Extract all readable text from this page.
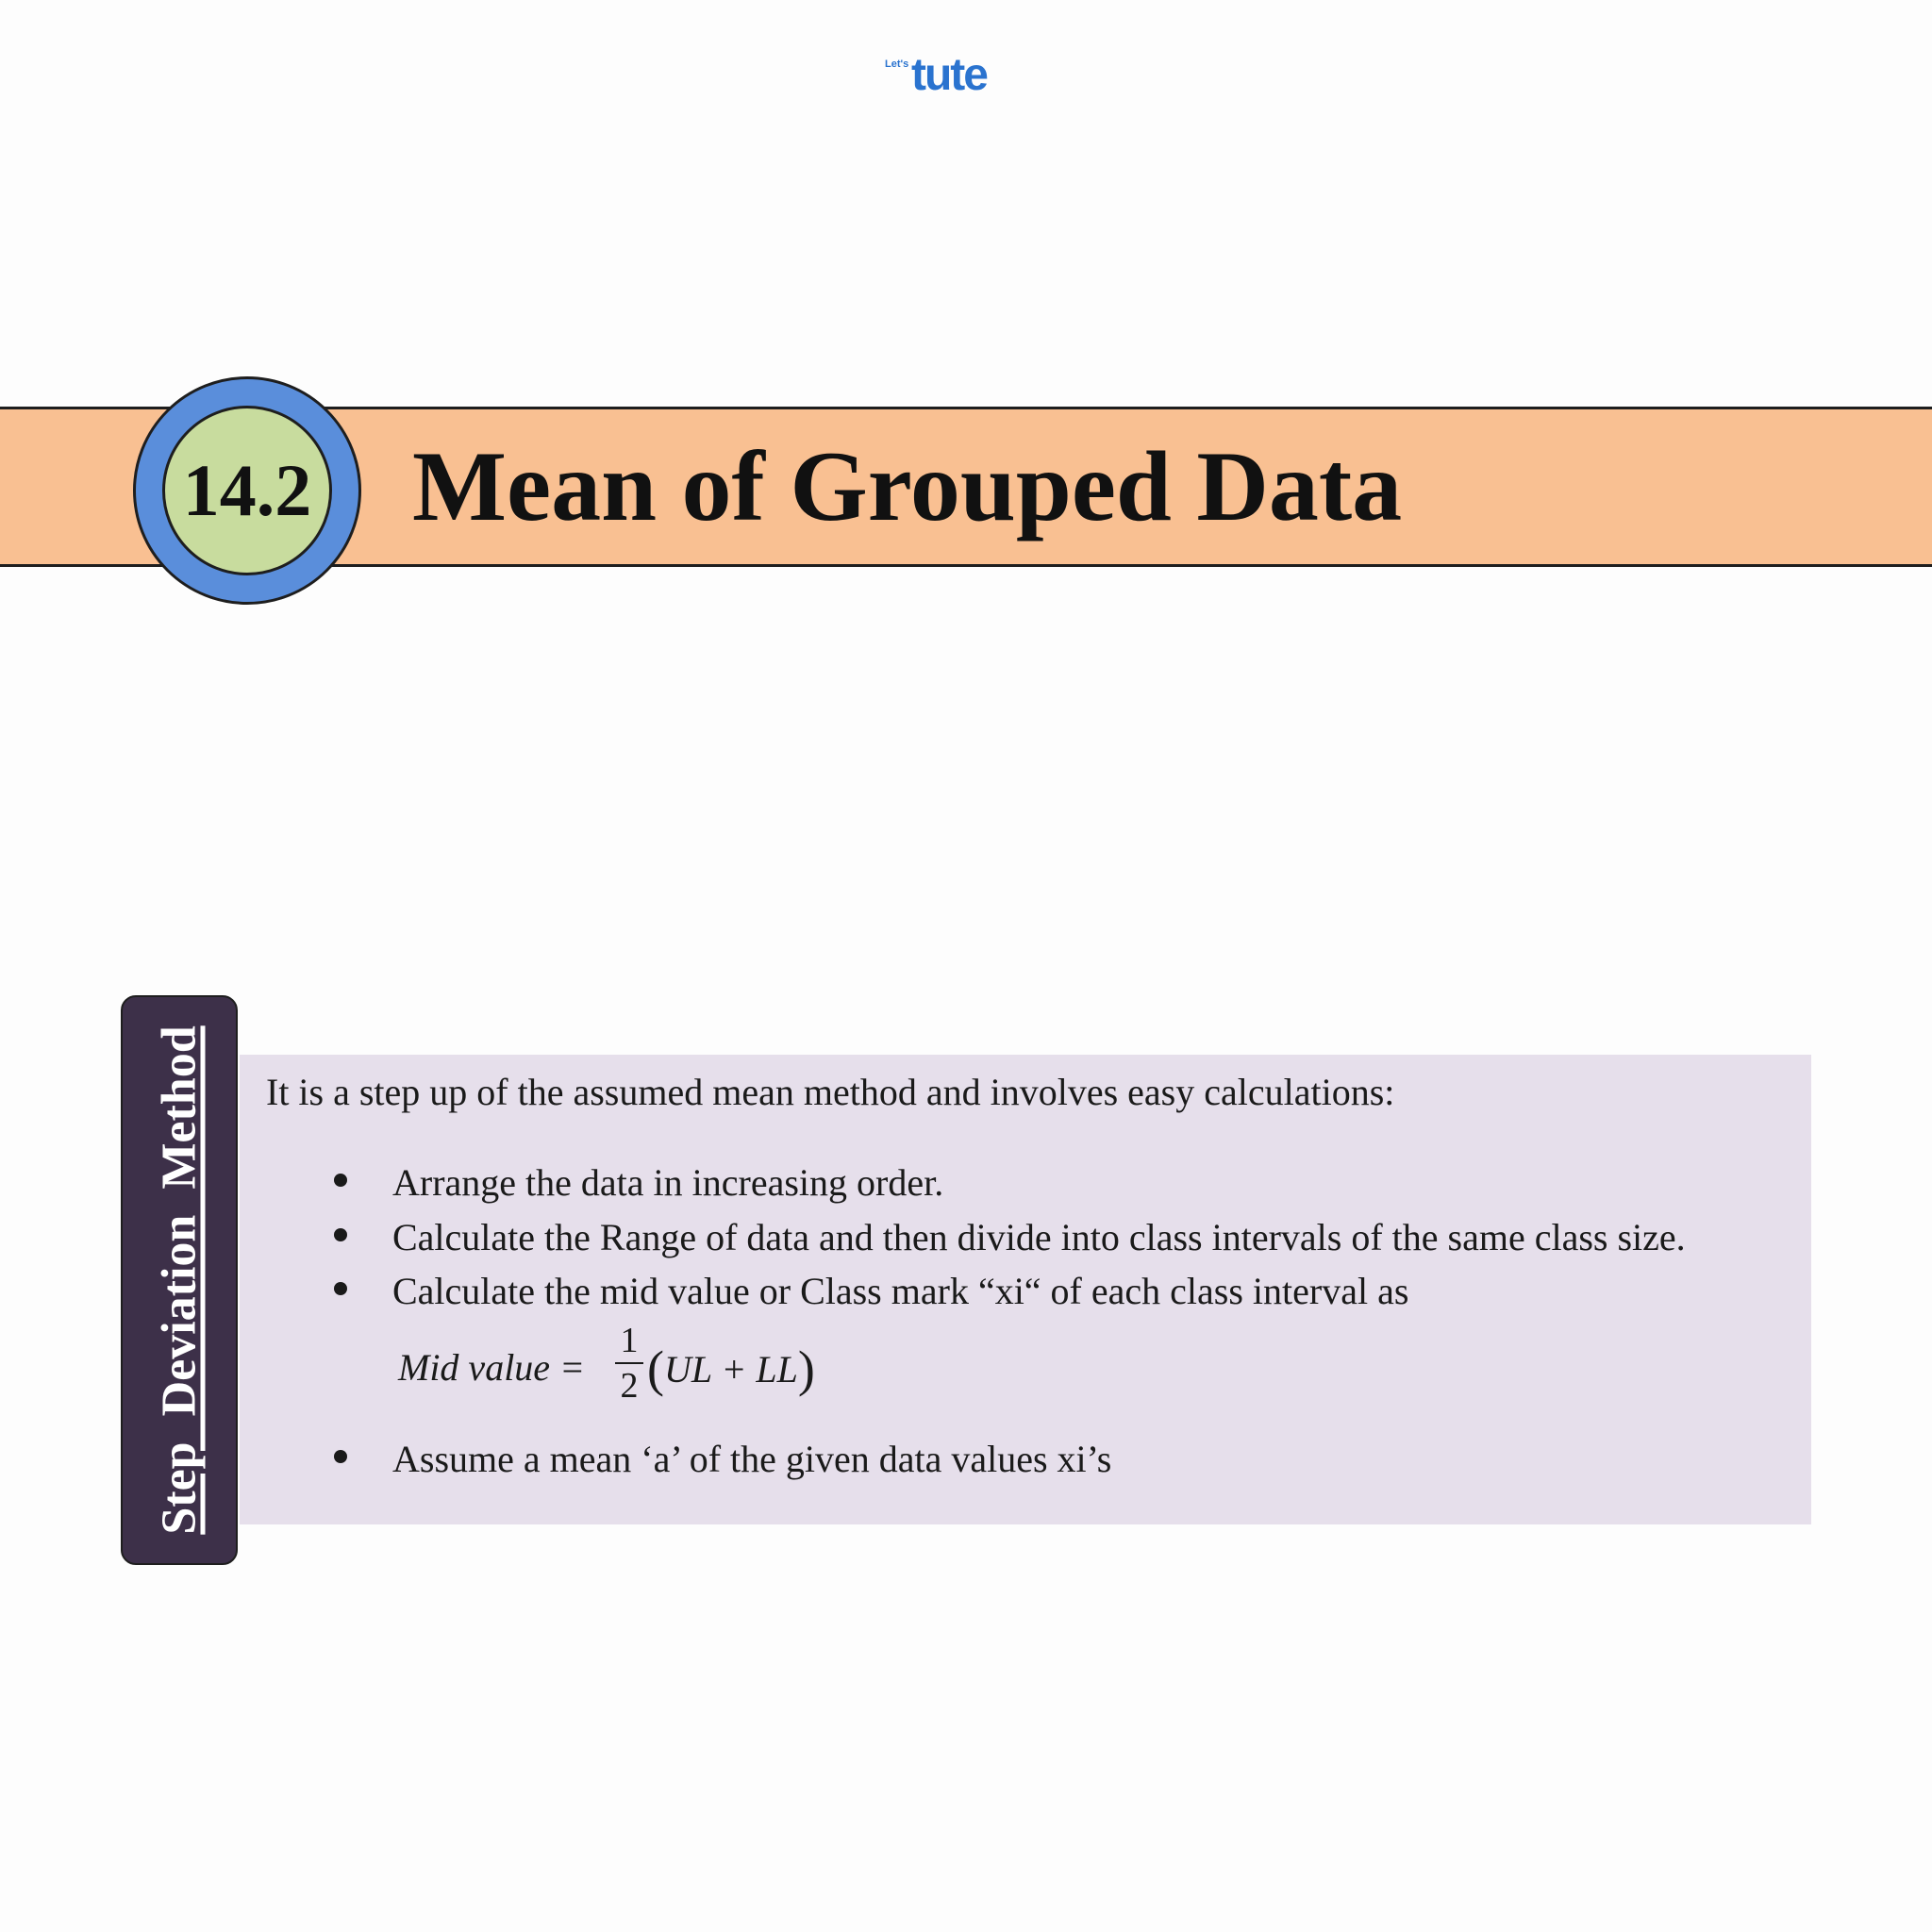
Let's tute
14.2 Mean of Grouped Data
Step Deviation Method It is a step up of the assumed mean method and involves easy calculations:
Arrange the data in increasing order.
Calculate the Range of data and then divide into class intervals of the same class size.
Calculate the mid value or Class mark “xi“ of each class interval as
Mid value =
1
2 (UL + LL)
Assume a mean ‘a’ of the given data values xi’s
